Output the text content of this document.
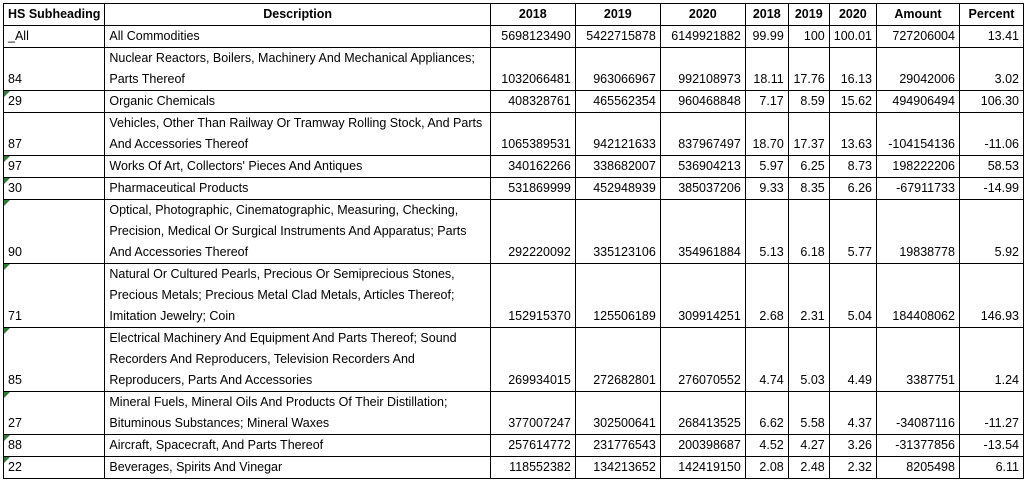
HS Subheading	Description	2018	2019	2020	2018	2019	2020	Amount	Percent
_All	All Commodities	5698123490	5422715878	6149921882	99.99	100	100.01	727206004	13.41
84	Nuclear Reactors, Boilers, Machinery And Mechanical Appliances; Parts Thereof	1032066481	963066967	992108973	18.11	17.76	16.13	29042006	3.02

29	Organic Chemicals	408328761	465562354	960468848	7.17	8.59	15.62	494906494	106.30
87	Vehicles, Other Than Railway Or Tramway Rolling Stock, And Parts And Accessories Thereof	1065389531	942121633	837967497	18.70	17.37	13.63	-104154136	-11.06

97	Works Of Art, Collectors' Pieces And Antiques	340162266	338682007	536904213	5.97	6.25	8.73	198222206	58.53

30	Pharmaceutical Products	531869999	452948939	385037206	9.33	8.35	6.26	-67911733	-14.99

90	Optical, Photographic, Cinematographic, Measuring, Checking, Precision, Medical Or Surgical Instruments And Apparatus; Parts And Accessories Thereof	292220092	335123106	354961884	5.13	6.18	5.77	19838778	5.92

71	Natural Or Cultured Pearls, Precious Or Semiprecious Stones, Precious Metals; Precious Metal Clad Metals, Articles Thereof; Imitation Jewelry; Coin	152915370	125506189	309914251	2.68	2.31	5.04	184408062	146.93

85	Electrical Machinery And Equipment And Parts Thereof; Sound Recorders And Reproducers, Television Recorders And Reproducers, Parts And Accessories	269934015	272682801	276070552	4.74	5.03	4.49	3387751	1.24

27	Mineral Fuels, Mineral Oils And Products Of Their Distillation; Bituminous Substances; Mineral Waxes	377007247	302500641	268413525	6.62	5.58	4.37	-34087116	-11.27

88	Aircraft, Spacecraft, And Parts Thereof	257614772	231776543	200398687	4.52	4.27	3.26	-31377856	-13.54

22	Beverages, Spirits And Vinegar	118552382	134213652	142419150	2.08	2.48	2.32	8205498	6.11
